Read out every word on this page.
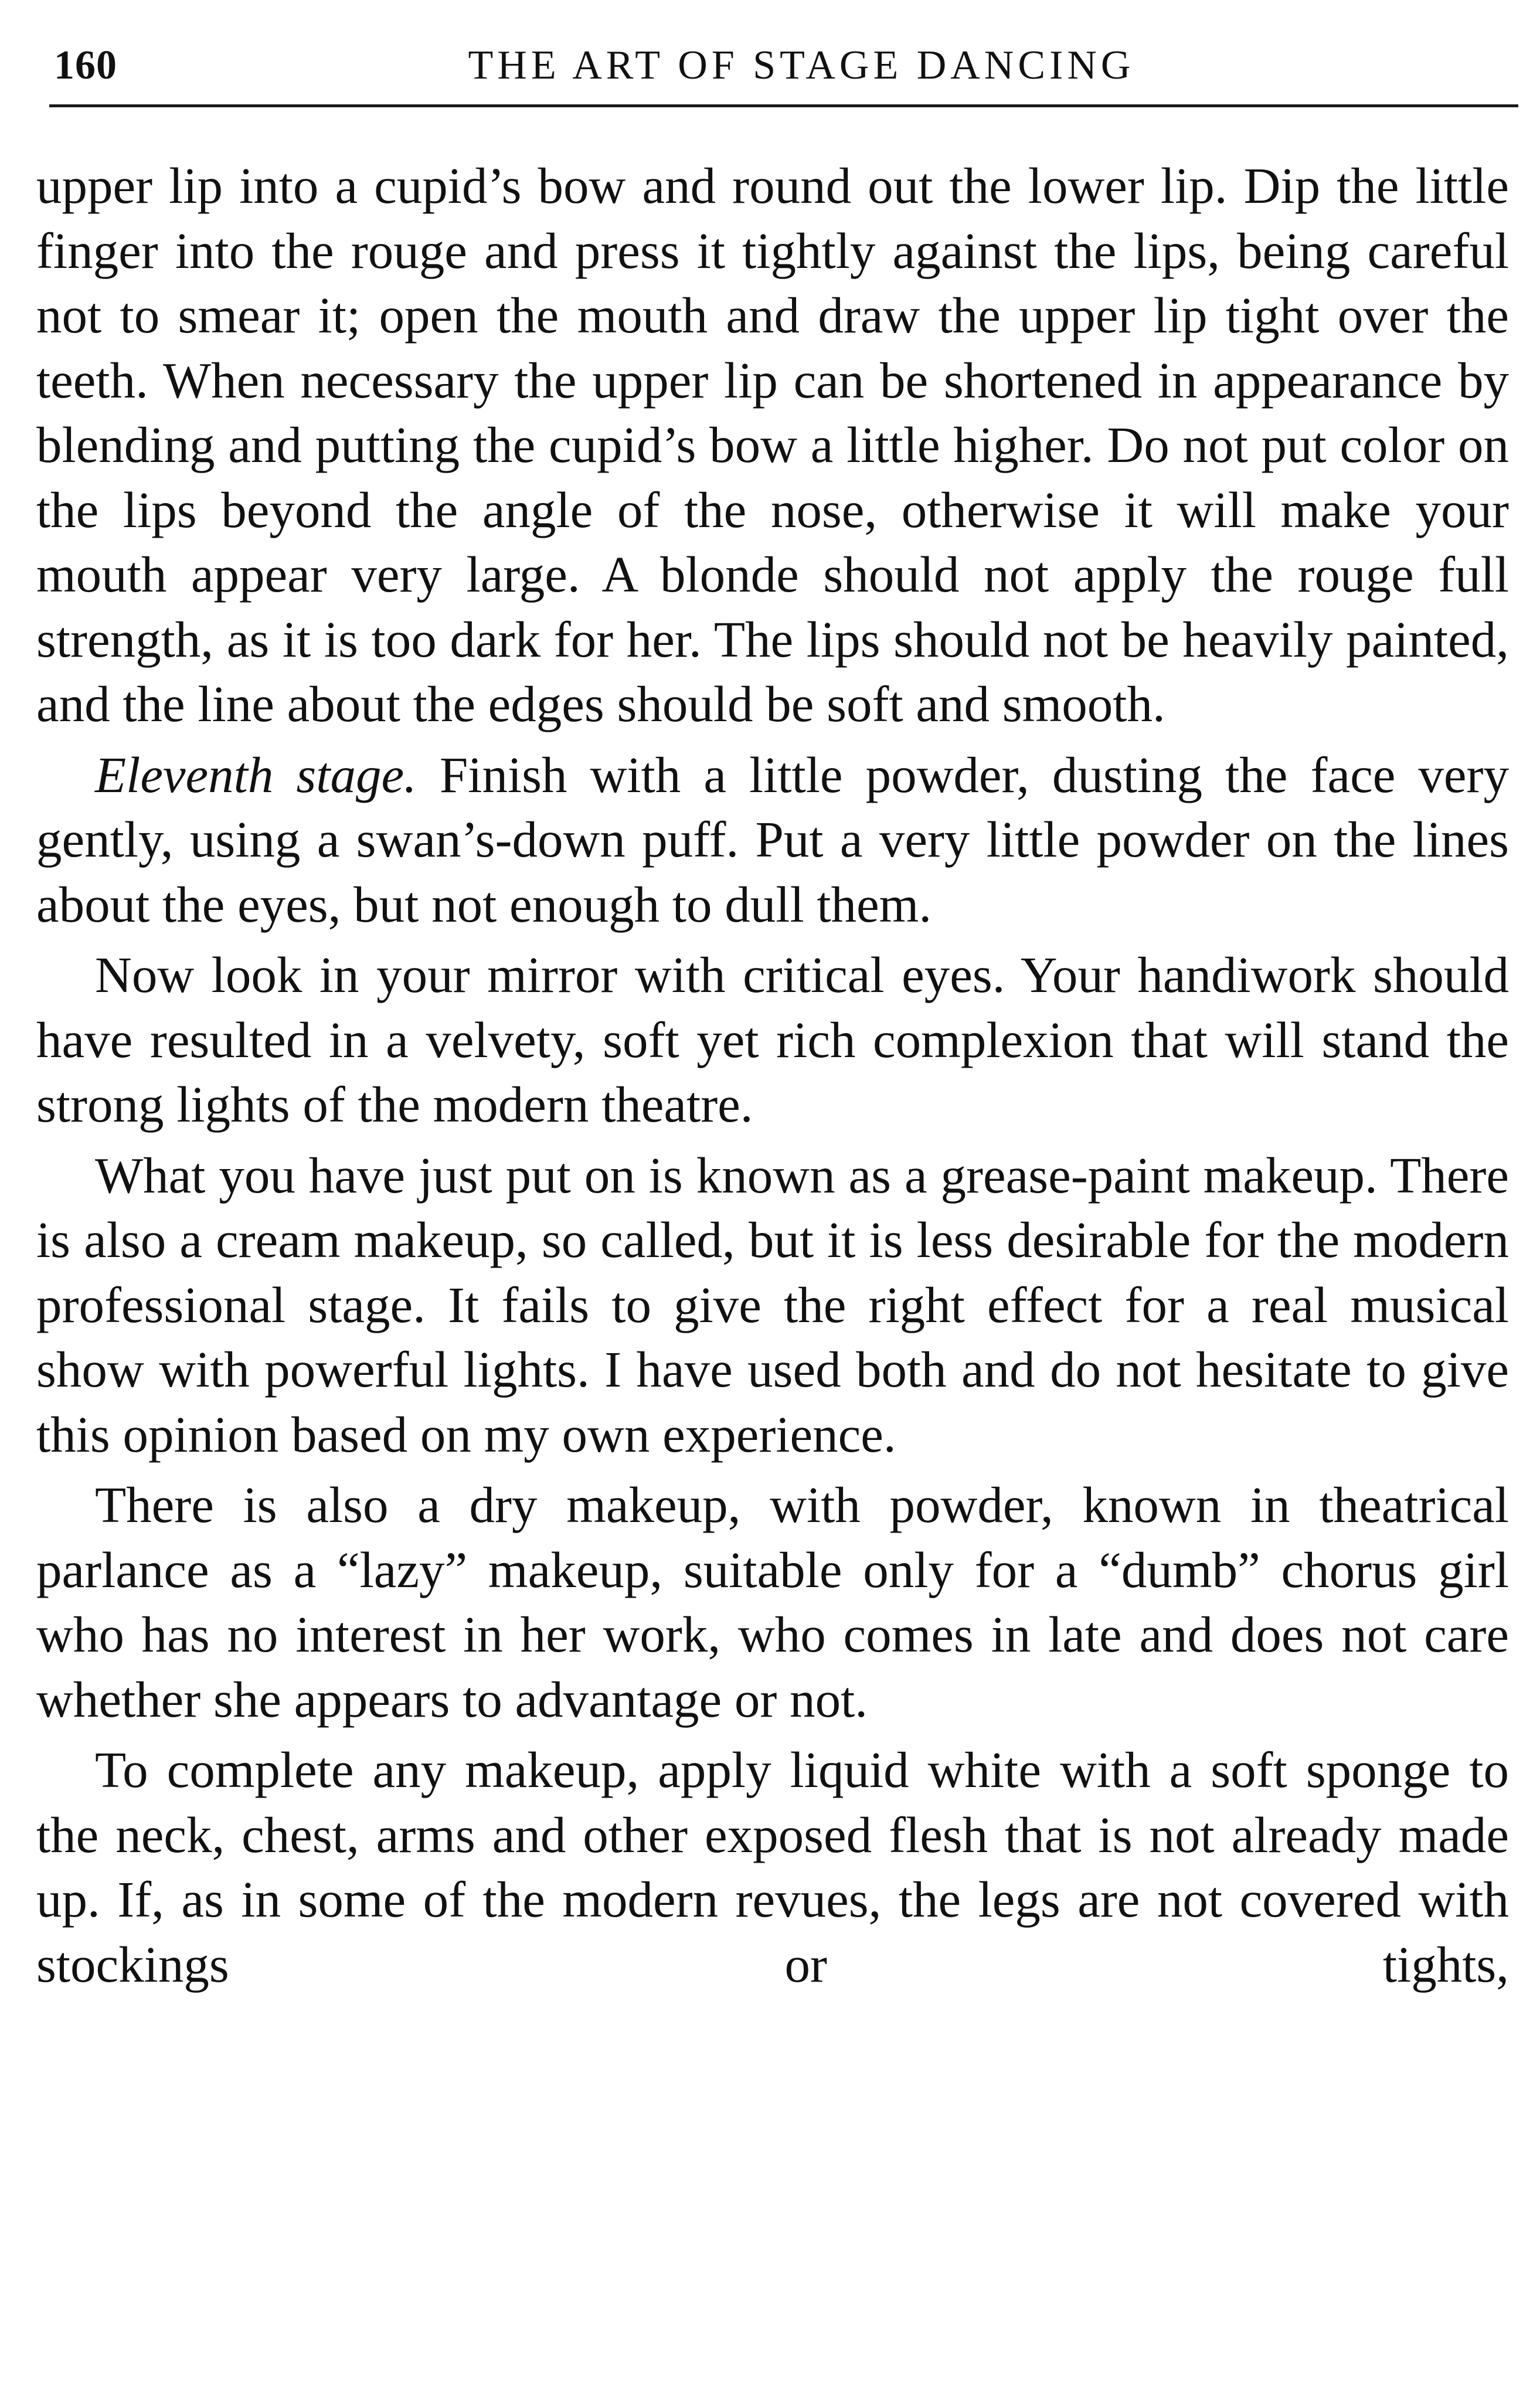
160	THE ART OF STAGE DANCING

upper lip into a cupid’s bow and round out the lower lip. Dip the little finger into the rouge and press it tightly against the lips, being careful not to smear it; open the mouth and draw the upper lip tight over the teeth. When necessary the upper lip can be shortened in appearance by blending and putting the cupid’s bow a little higher. Do not put color on the lips beyond the angle of the nose, otherwise it will make your mouth appear very large. A blonde should not apply the rouge full strength, as it is too dark for her. The lips should not be heavily painted, and the line about the edges should be soft and smooth.

Eleventh stage. Finish with a little powder, dusting the face very gently, using a swan’s-down puff. Put a very little powder on the lines about the eyes, but not enough to dull them.

Now look in your mirror with critical eyes. Your handiwork should have resulted in a velvety, soft yet rich complexion that will stand the strong lights of the modern theatre.

What you have just put on is known as a grease-paint makeup. There is also a cream makeup, so called, but it is less desirable for the modern professional stage. It fails to give the right effect for a real musical show with powerful lights. I have used both and do not hesitate to give this opinion based on my own experience.

There is also a dry makeup, with powder, known in theatrical parlance as a “lazy” makeup, suitable only for a “dumb” chorus girl who has no interest in her work, who comes in late and does not care whether she appears to advantage or not.

To complete any makeup, apply liquid white with a soft sponge to the neck, chest, arms and other exposed flesh that is not already made up. If, as in some of the modern revues, the legs are not covered with stockings or tights,
